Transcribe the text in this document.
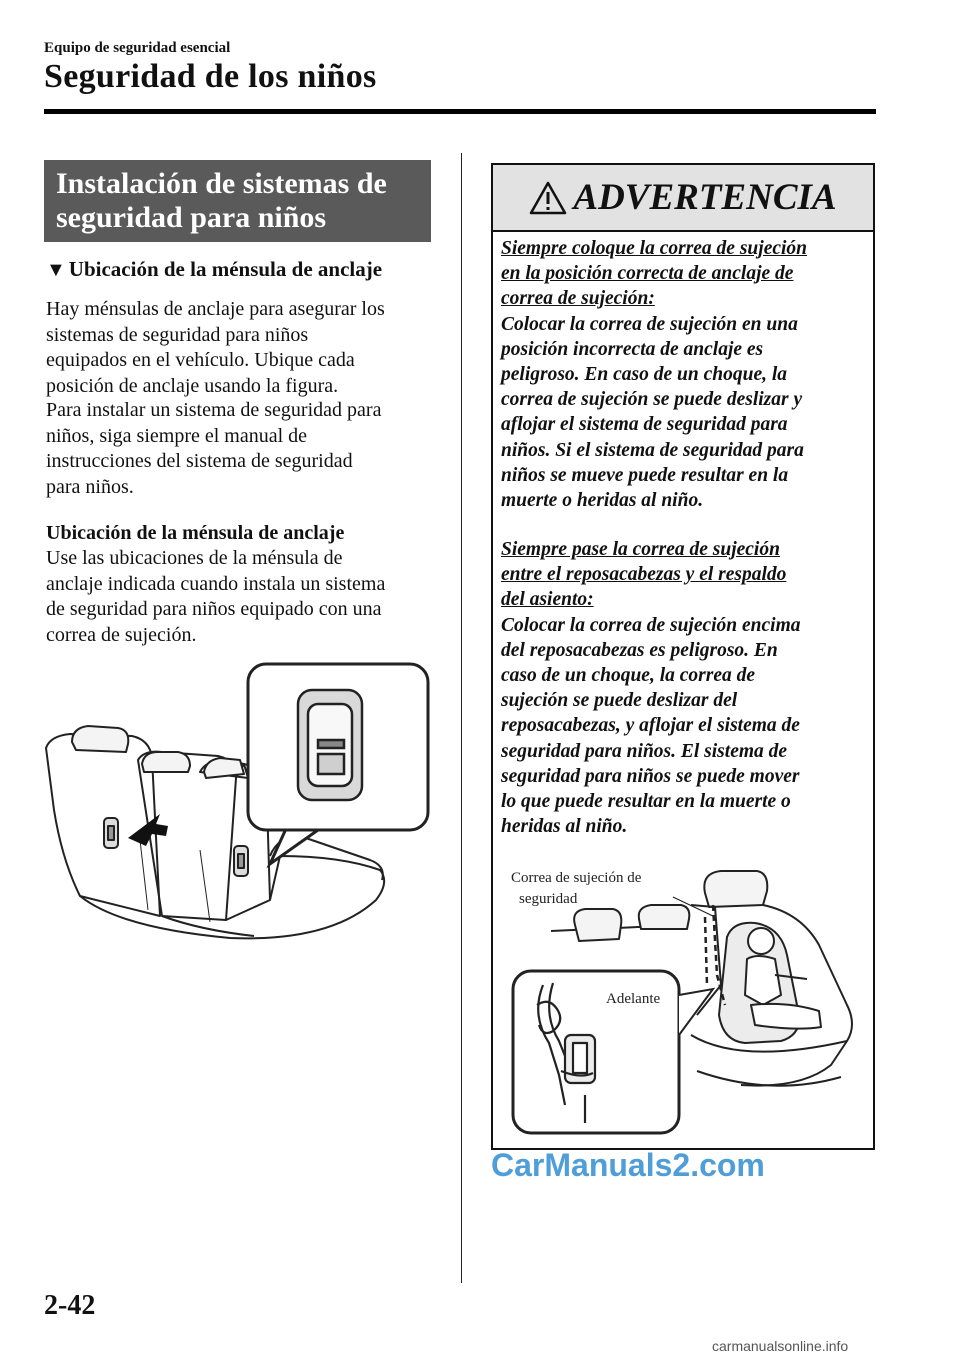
Equipo de seguridad esencial
Seguridad de los niños
Instalación de sistemas de
seguridad para niños
▼ Ubicación de la ménsula de anclaje
Hay ménsulas de anclaje para asegurar los
sistemas de seguridad para niños
equipados en el vehículo. Ubique cada
posición de anclaje usando la figura.
Para instalar un sistema de seguridad para
niños, siga siempre el manual de
instrucciones del sistema de seguridad
para niños.
Ubicación de la ménsula de anclaje
Use las ubicaciones de la ménsula de
anclaje indicada cuando instala un sistema
de seguridad para niños equipado con una
correa de sujeción.
ADVERTENCIA
Siempre coloque la correa de sujeción
en la posición correcta de anclaje de
correa de sujeción:
Colocar la correa de sujeción en una
posición incorrecta de anclaje es
peligroso. En caso de un choque, la
correa de sujeción se puede deslizar y
aflojar el sistema de seguridad para
niños. Si el sistema de seguridad para
niños se mueve puede resultar en la
muerte o heridas al niño.
Siempre pase la correa de sujeción
entre el reposacabezas y el respaldo
del asiento:
Colocar la correa de sujeción encima
del reposacabezas es peligroso. En
caso de un choque, la correa de
sujeción se puede deslizar del
reposacabezas, y aflojar el sistema de
seguridad para niños. El sistema de
seguridad para niños se puede mover
lo que puede resultar en la muerte o
heridas al niño.
Correa de sujeción de
seguridad
Adelante
CarManuals2.com
2-42
carmanualsonline.info
